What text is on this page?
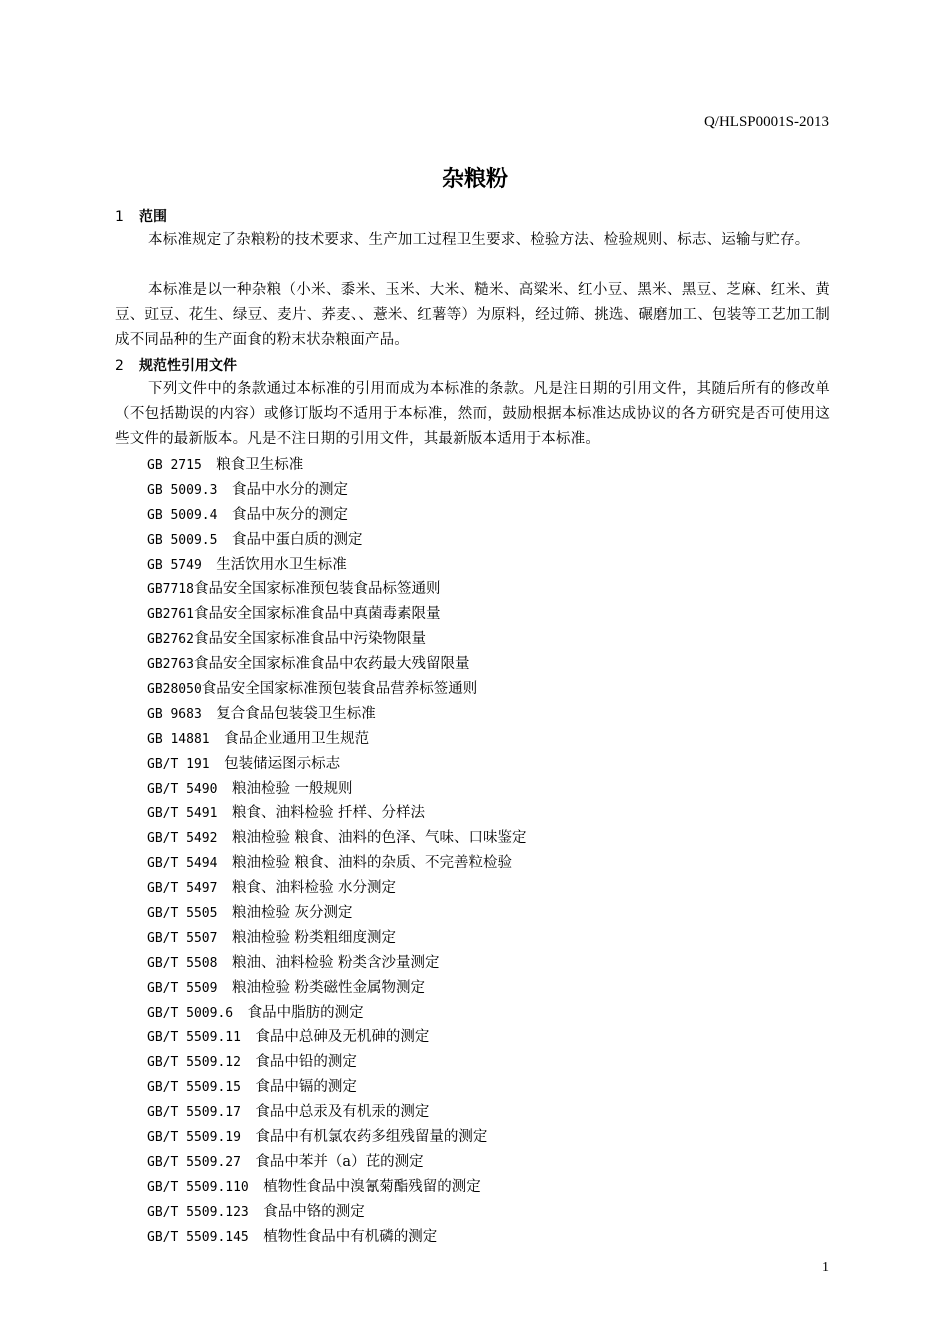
Q/HLSP0001S-2013
杂粮粉
1 范围
本标准规定了杂粮粉的技术要求、生产加工过程卫生要求、检验方法、检验规则、标志、运输与贮存。
本标准是以一种杂粮（小米、黍米、玉米、大米、糙米、高粱米、红小豆、黑米、黑豆、芝麻、红米、黄豆、豇豆、花生、绿豆、麦片、荞麦、、薏米、红薯等）为原料，经过筛、挑选、碾磨加工、包装等工艺加工制成不同品种的生产面食的粉末状杂粮面产品。
2 规范性引用文件
下列文件中的条款通过本标准的引用而成为本标准的条款。凡是注日期的引用文件，其随后所有的修改单（不包括勘误的内容）或修订版均不适用于本标准，然而，鼓励根据本标准达成协议的各方研究是否可使用这些文件的最新版本。凡是不注日期的引用文件，其最新版本适用于本标准。
GB 2715　 粮食卫生标准
GB 5009.3　 食品中水分的测定
GB 5009.4　 食品中灰分的测定
GB 5009.5　 食品中蛋白质的测定
GB 5749　 生活饮用水卫生标准
GB7718食品安全国家标准预包装食品标签通则
GB2761食品安全国家标准食品中真菌毒素限量
GB2762食品安全国家标准食品中污染物限量
GB2763食品安全国家标准食品中农药最大残留限量
GB28050食品安全国家标准预包装食品营养标签通则
GB 9683　 复合食品包装袋卫生标准
GB 14881　 食品企业通用卫生规范
GB/T 191　 包装储运图示标志
GB/T 5490　 粮油检验 一般规则
GB/T 5491　 粮食、油料检验 扦样、分样法
GB/T 5492　 粮油检验 粮食、油料的色泽、气味、口味鉴定
GB/T 5494　 粮油检验 粮食、油料的杂质、不完善粒检验
GB/T 5497　 粮食、油料检验 水分测定
GB/T 5505　 粮油检验 灰分测定
GB/T 5507　 粮油检验 粉类粗细度测定
GB/T 5508　 粮油、油料检验 粉类含沙量测定
GB/T 5509　 粮油检验 粉类磁性金属物测定
GB/T 5009.6　 食品中脂肪的测定
GB/T 5509.11　 食品中总砷及无机砷的测定
GB/T 5509.12　 食品中铅的测定
GB/T 5509.15　 食品中镉的测定
GB/T 5509.17　 食品中总汞及有机汞的测定
GB/T 5509.19　 食品中有机氯农药多组残留量的测定
GB/T 5509.27　 食品中苯并（a）芘的测定
GB/T 5509.110　 植物性食品中溴氰菊酯残留的测定
GB/T 5509.123　 食品中铬的测定
GB/T 5509.145　 植物性食品中有机磷的测定
1
